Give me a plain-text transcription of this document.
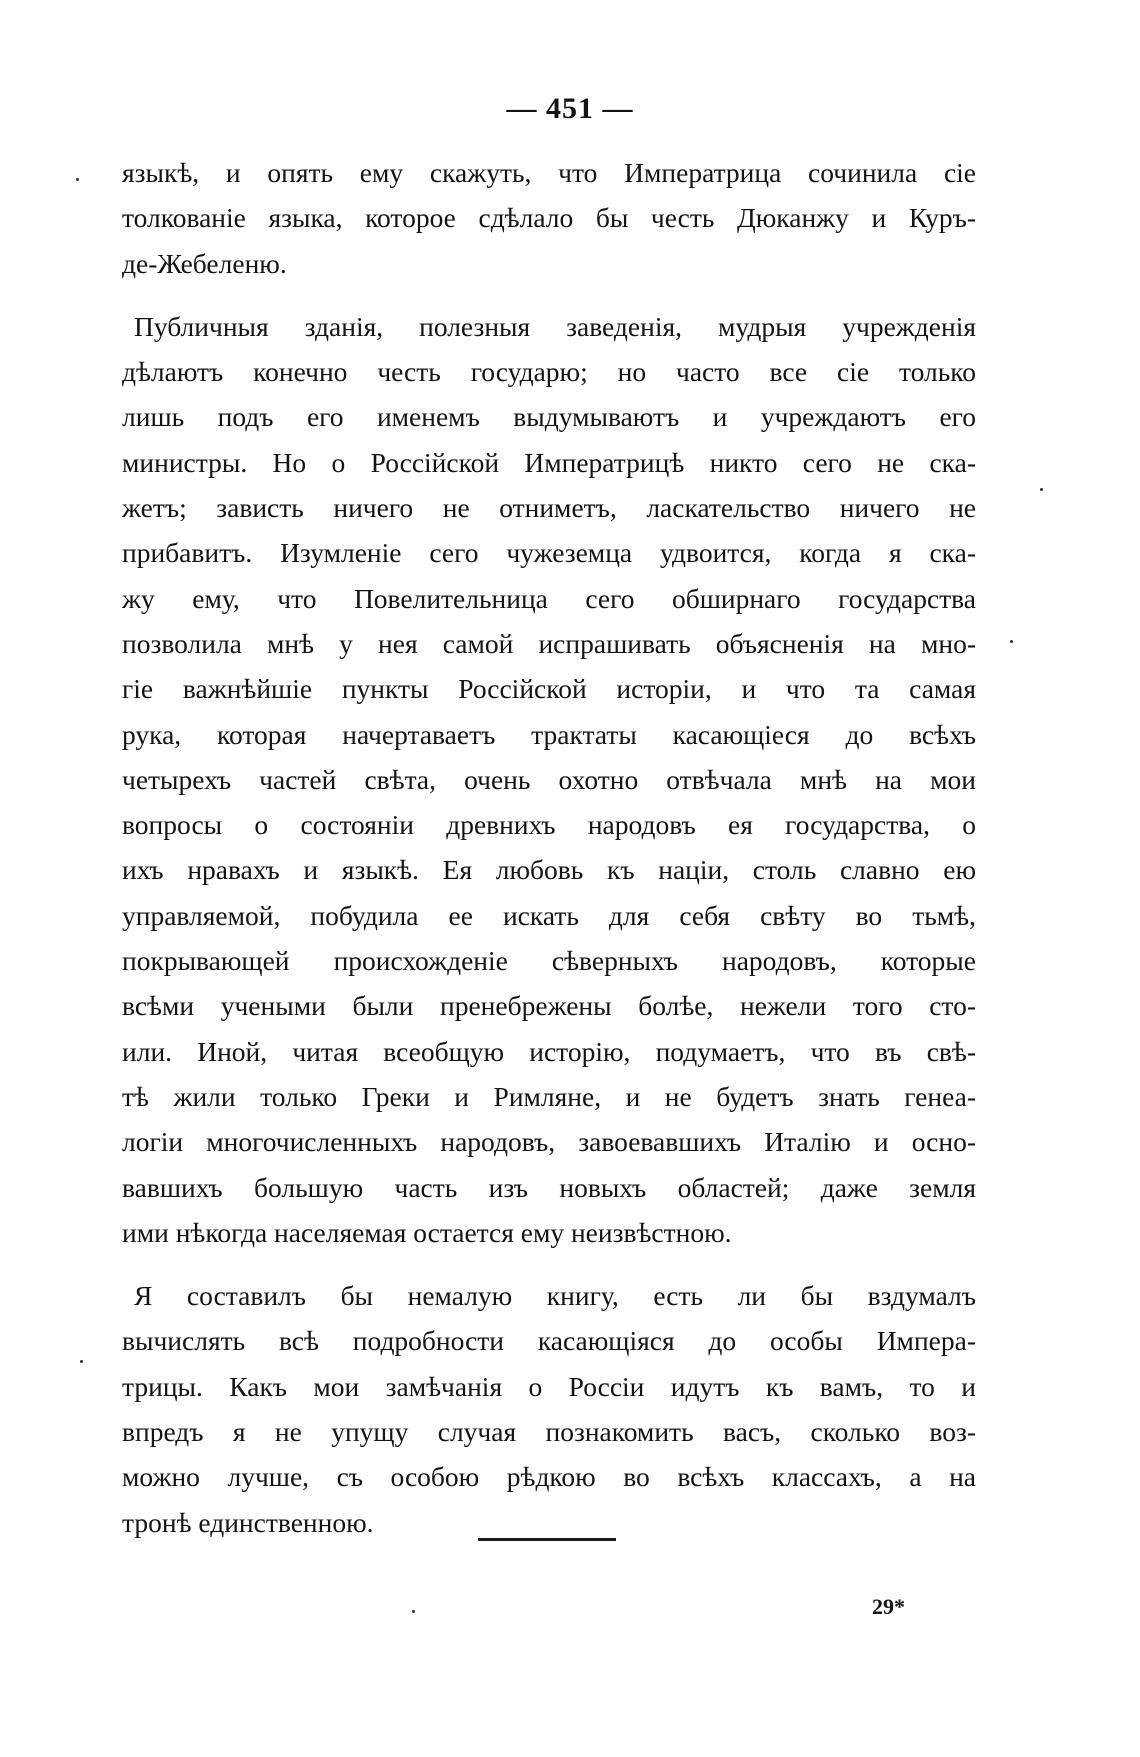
— 451 —
языкѣ, и опять ему скажуть, что Императрица сочинила сіе
толкованіе языка, которое сдѣлало бы честь Дюканжу и Куръ-
де-Жебеленю.
Публичныя зданія, полезныя заведенія, мудрыя учрежденія
дѣлаютъ конечно честь государю; но часто все сіе только
лишь подъ его именемъ выдумываютъ и учреждаютъ его
министры. Но о Россійской Императрицѣ никто сего не ска-
жетъ; зависть ничего не отниметъ, ласкательство ничего не
прибавитъ. Изумленіе сего чужеземца удвоится, когда я ска-
жу ему, что Повелительница сего обширнаго государства
позволила мнѣ у нея самой испрашивать объясненія на мно-
гіе важнѣйшіе пункты Россійской исторіи, и что та самая
рука, которая начертаваетъ трактаты касающіеся до всѣхъ
четырехъ частей свѣта, очень охотно отвѣчала мнѣ на мои
вопросы о состояніи древнихъ народовъ ея государства, о
ихъ нравахъ и языкѣ. Ея любовь къ націи, столь славно ею
управляемой, побудила ее искать для себя свѣту во тьмѣ,
покрывающей происхожденіе сѣверныхъ народовъ, которые
всѣми учеными были пренебрежены болѣе, нежели того сто-
или. Иной, читая всеобщую исторію, подумаетъ, что въ свѣ-
тѣ жили только Греки и Римляне, и не будетъ знать генеа-
логіи многочисленныхъ народовъ, завоевавшихъ Италію и осно-
вавшихъ большую часть изъ новыхъ областей; даже земля
ими нѣкогда населяемая остается ему неизвѣстною.
Я составилъ бы немалую книгу, есть ли бы вздумалъ
вычислять всѣ подробности касающіяся до особы Импера-
трицы. Какъ мои замѣчанія о Россіи идутъ къ вамъ, то и
впредъ я не упущу случая познакомить васъ, сколько воз-
можно лучше, съ особою рѣдкою во всѣхъ классахъ, а на
тронѣ единственною.
29*
